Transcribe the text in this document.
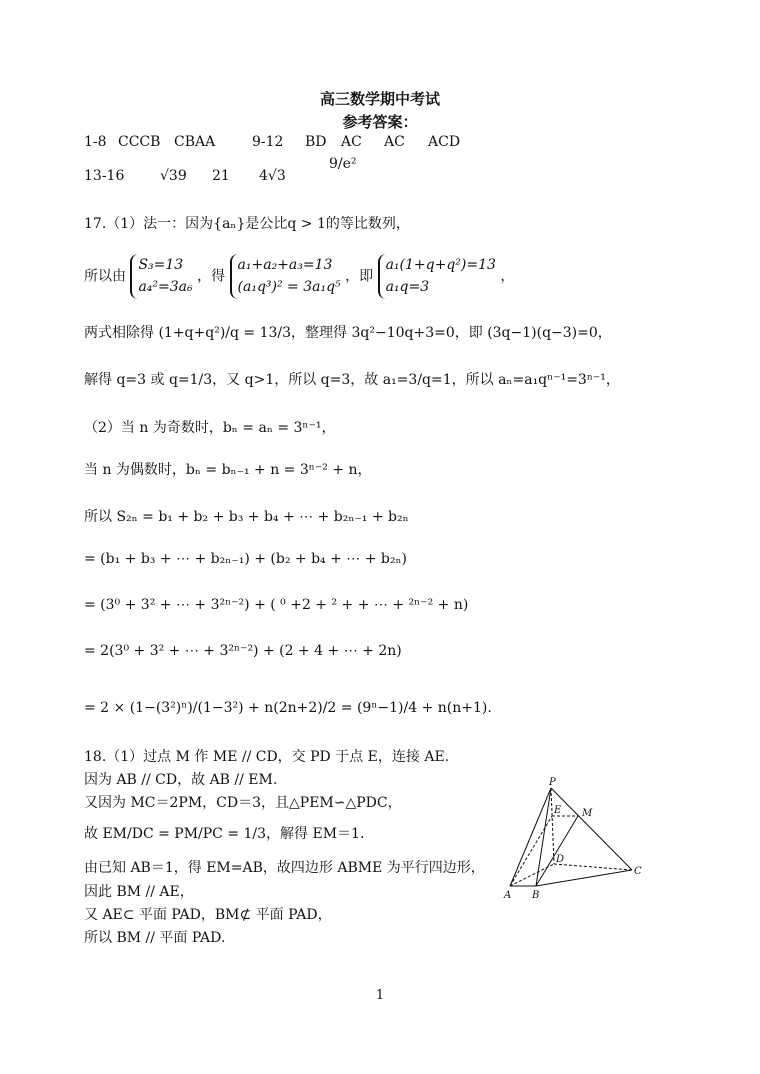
高三数学期中考试
参考答案：
1-8 CCCB CBAA	9-12 BD AC AC ACD
13-16	√39 21 4√3
9/e²
17.（1）法一：因为{aₙ}是公比q > 1的等比数列，
所以由
S₃=13
a₄²=3a₆
，得
a₁+a₂+a₃=13
(a₁q³)² = 3a₁q⁵
，即
a₁(1+q+q²)=13
a₁q=3
，
两式相除得 (1+q+q²)/q = 13/3，整理得 3q²−10q+3=0，即 (3q−1)(q−3)=0，
解得 q=3 或 q=1/3，又 q>1，所以 q=3，故 a₁=3/q=1，所以 aₙ=a₁qⁿ⁻¹=3ⁿ⁻¹，
（2）当 n 为奇数时，bₙ = aₙ = 3ⁿ⁻¹，
当 n 为偶数时，bₙ = bₙ₋₁ + n = 3ⁿ⁻² + n，
所以 S₂ₙ = b₁ + b₂ + b₃ + b₄ + ⋯ + b₂ₙ₋₁ + b₂ₙ
= (b₁ + b₃ + ⋯ + b₂ₙ₋₁) + (b₂ + b₄ + ⋯ + b₂ₙ)
= (3⁰ + 3² + ⋯ + 3²ⁿ⁻²) + ( ⁰ +2 + ² + + ⋯ + ²ⁿ⁻² + n)
= 2(3⁰ + 3² + ⋯ + 3²ⁿ⁻²) + (2 + 4 + ⋯ + 2n)
= 2 × (1−(3²)ⁿ)/(1−3²) + n(2n+2)/2 = (9ⁿ−1)/4 + n(n+1).
18.（1）过点 M 作 ME // CD，交 PD 于点 E，连接 AE.
因为 AB // CD，故 AB // EM.
又因为 MC＝2PM，CD＝3，且△PEM∽△PDC，
故 EM/DC = PM/PC = 1/3，解得 EM＝1.
由已知 AB＝1，得 EM=AB，故四边形 ABME 为平行四边形，
因此 BM // AE，
又 AE⊂ 平面 PAD，BM⊄ 平面 PAD，
所以 BM // 平面 PAD.
P
E M
D
C
A B
1
